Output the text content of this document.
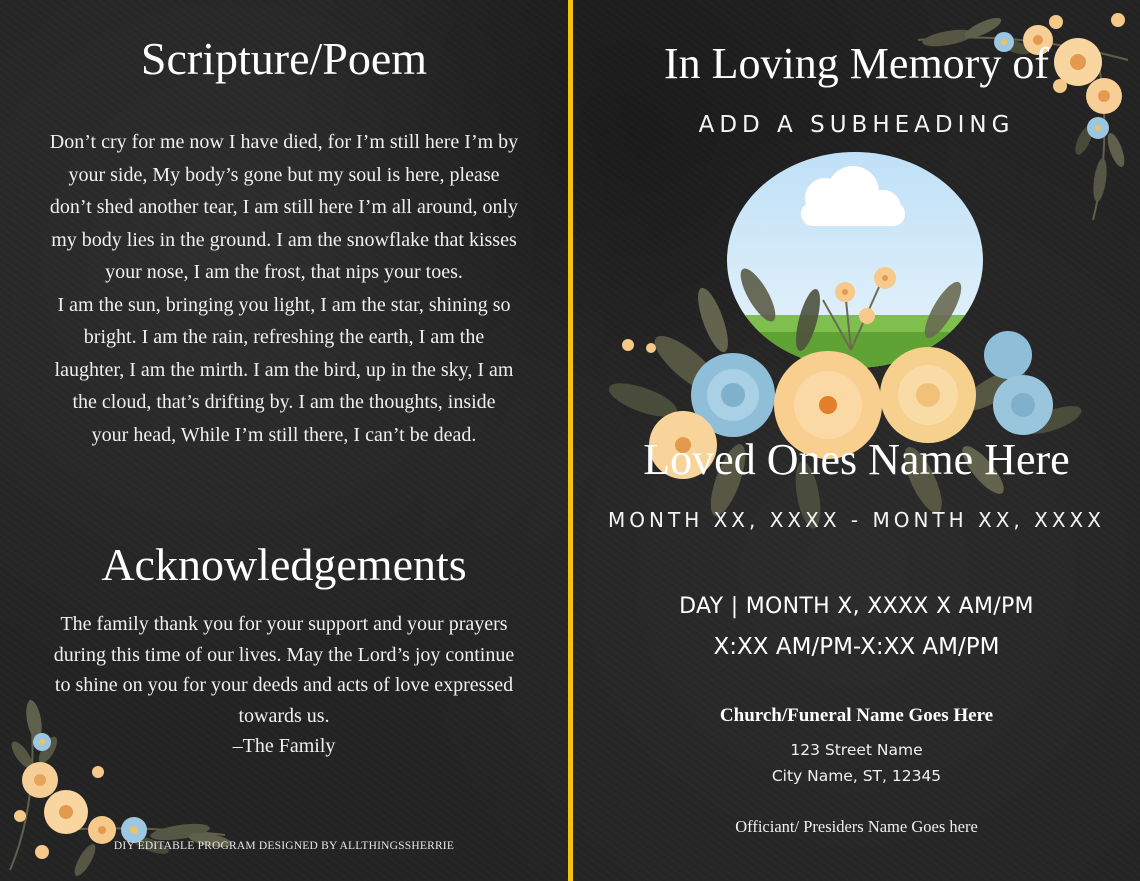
Scripture/Poem

Don’t cry for me now I have died, for I’m still here I’m by
your side, My body’s gone but my soul is here, please
don’t shed another tear, I am still here I’m all around, only
my body lies in the ground. I am the snowflake that kisses
your nose, I am the frost, that nips your toes.
I am the sun, bringing you light, I am the star, shining so
bright. I am the rain, refreshing the earth, I am the
laughter, I am the mirth. I am the bird, up in the sky, I am
the cloud, that’s drifting by. I am the thoughts, inside
your head, While I’m still there, I can’t be dead.

Acknowledgements

The family thank you for your support and your prayers
during this time of our lives. May the Lord’s joy continue
to shine on you for your deeds and acts of love expressed
towards us.
–The Family

DIY EDITABLE PROGRAM DESIGNED BY ALLTHINGSSHERRIE
In Loving Memory of
ADD A SUBHEADING
Loved Ones Name Here
MONTH XX, XXXX - MONTH XX, XXXX
DAY | MONTH X, XXXX X AM/PM
X:XX AM/PM-X:XX AM/PM
Church/Funeral Name Goes Here
123 Street Name
City Name, ST, 12345
Officiant/ Presiders Name Goes here
